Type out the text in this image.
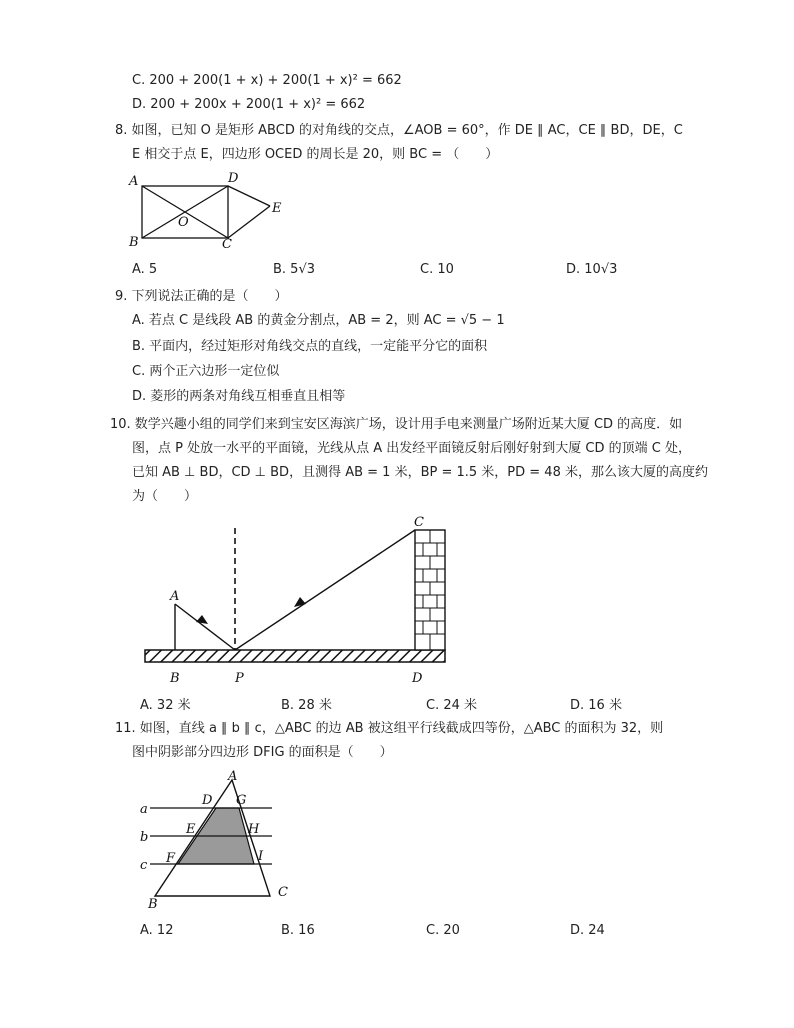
C. 200 + 200(1 + x) + 200(1 + x)² = 662
D. 200 + 200x + 200(1 + x)² = 662
8. 如图，已知 O 是矩形 ABCD 的对角线的交点，∠AOB = 60°，作 DE ∥ AC，CE ∥ BD，DE，C
E 相交于点 E，四边形 OCED 的周长是 20，则 BC = （　　）
A
B	C
D
E
O
A. 5	B. 5√3	C. 10	D. 10√3
9. 下列说法正确的是（　　）
A. 若点 C 是线段 AB 的黄金分割点，AB = 2，则 AC = √5 − 1
B. 平面内，经过矩形对角线交点的直线，一定能平分它的面积
C. 两个正六边形一定位似
D. 菱形的两条对角线互相垂直且相等
10. 数学兴趣小组的同学们来到宝安区海滨广场，设计用手电来测量广场附近某大厦 CD 的高度．如
图，点 P 处放一水平的平面镜，光线从点 A 出发经平面镜反射后刚好射到大厦 CD 的顶端 C 处，
已知 AB ⊥ BD，CD ⊥ BD，且测得 AB = 1 米，BP = 1.5 米，PD = 48 米，那么该大厦的高度约
为（　　）
A
B	P
C
D
A. 32 米	B. 28 米	C. 24 米	D. 16 米
11. 如图，直线 a ∥ b ∥ c，△ABC 的边 AB 被这组平行线截成四等份，△ABC 的面积为 32，则
图中阴影部分四边形 DFIG 的面积是（　　）
a
b
c
A
B
C
D
E
F
G
H
I
A. 12	B. 16	C. 20	D. 24
